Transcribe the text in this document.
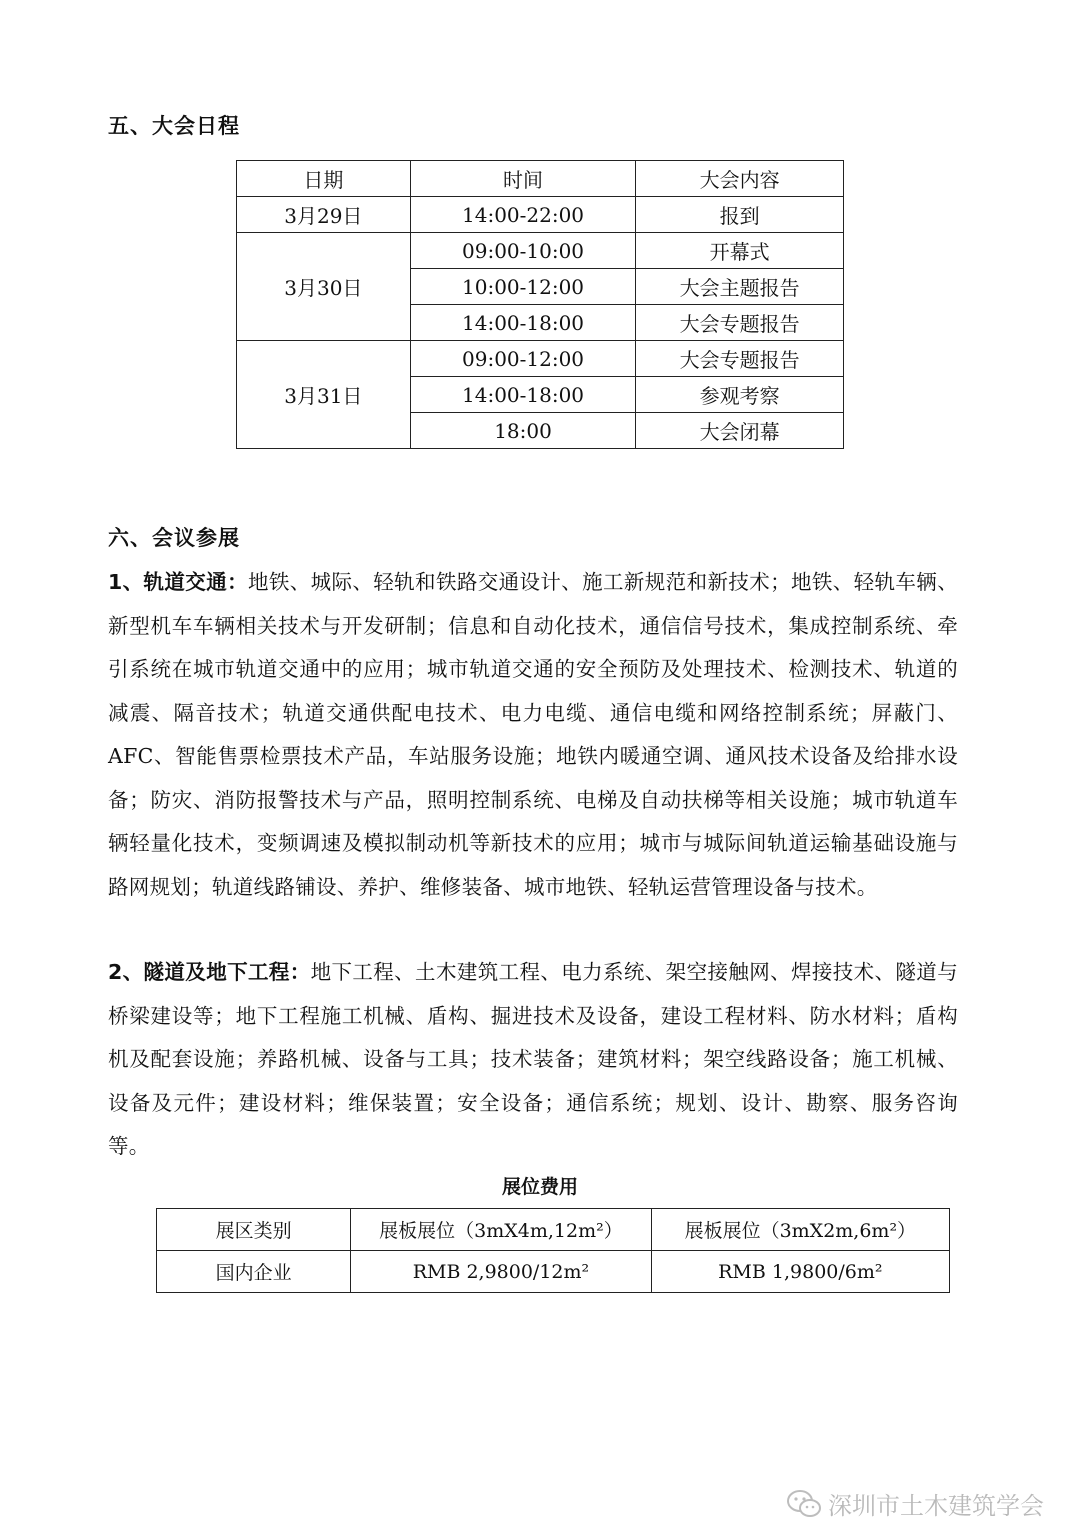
五、大会日程
日期	时间	大会内容
3月29日	14:00-22:00	报到
3月30日	09:00-10:00	开幕式
	10:00-12:00	大会主题报告
	14:00-18:00	大会专题报告
3月31日	09:00-12:00	大会专题报告
	14:00-18:00	参观考察
	18:00	大会闭幕
六、会议参展
1、轨道交通：地铁、城际、轻轨和铁路交通设计、施工新规范和新技术；地铁、轻轨车辆、新型机车车辆相关技术与开发研制；信息和自动化技术，通信信号技术，集成控制系统、牵引系统在城市轨道交通中的应用；城市轨道交通的安全预防及处理技术、检测技术、轨道的减震、隔音技术；轨道交通供配电技术、电力电缆、通信电缆和网络控制系统；屏蔽门、AFC、智能售票检票技术产品，车站服务设施；地铁内暖通空调、通风技术设备及给排水设备；防灾、消防报警技术与产品，照明控制系统、电梯及自动扶梯等相关设施；城市轨道车辆轻量化技术，变频调速及模拟制动机等新技术的应用；城市与城际间轨道运输基础设施与路网规划；轨道线路铺设、养护、维修装备、城市地铁、轻轨运营管理设备与技术。
2、隧道及地下工程：地下工程、土木建筑工程、电力系统、架空接触网、焊接技术、隧道与桥梁建设等；地下工程施工机械、盾构、掘进技术及设备，建设工程材料、防水材料；盾构机及配套设施；养路机械、设备与工具；技术装备；建筑材料；架空线路设备；施工机械、设备及元件；建设材料；维保装置；安全设备；通信系统；规划、设计、勘察、服务咨询等。
展位费用
展区类别	展板展位（3mX4m,12m²）	展板展位（3mX2m,6m²）
国内企业	RMB 2,9800/12m²	RMB 1,9800/6m²
深圳市土木建筑学会
